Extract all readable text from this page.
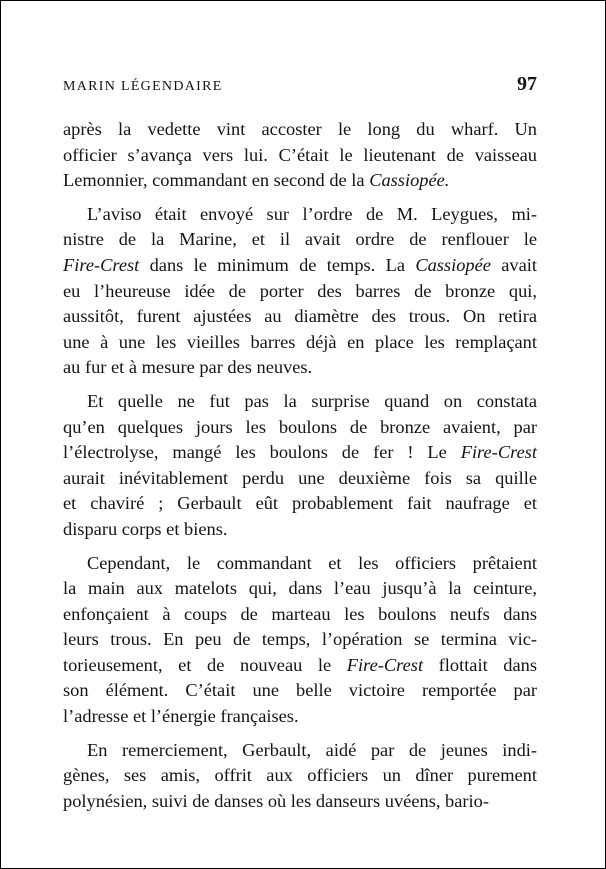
MARIN LÉGENDAIRE	97
après la vedette vint accoster le long du wharf. Un
officier s’avança vers lui. C’était le lieutenant de vaisseau
Lemonnier, commandant en second de la Cassiopée.
L’aviso était envoyé sur l’ordre de M. Leygues, mi-
nistre de la Marine, et il avait ordre de renflouer le
Fire-Crest dans le minimum de temps. La Cassiopée avait
eu l’heureuse idée de porter des barres de bronze qui,
aussitôt, furent ajustées au diamètre des trous. On retira
une à une les vieilles barres déjà en place les remplaçant
au fur et à mesure par des neuves.
Et quelle ne fut pas la surprise quand on constata
qu’en quelques jours les boulons de bronze avaient, par
l’électrolyse, mangé les boulons de fer ! Le Fire-Crest
aurait inévitablement perdu une deuxième fois sa quille
et chaviré ; Gerbault eût probablement fait naufrage et
disparu corps et biens.
Cependant, le commandant et les officiers prêtaient
la main aux matelots qui, dans l’eau jusqu’à la ceinture,
enfonçaient à coups de marteau les boulons neufs dans
leurs trous. En peu de temps, l’opération se termina vic-
torieusement, et de nouveau le Fire-Crest flottait dans
son élément. C’était une belle victoire remportée par
l’adresse et l’énergie françaises.
En remerciement, Gerbault, aidé par de jeunes indi-
gènes, ses amis, offrit aux officiers un dîner purement
polynésien, suivi de danses où les danseurs uvéens, bario-
